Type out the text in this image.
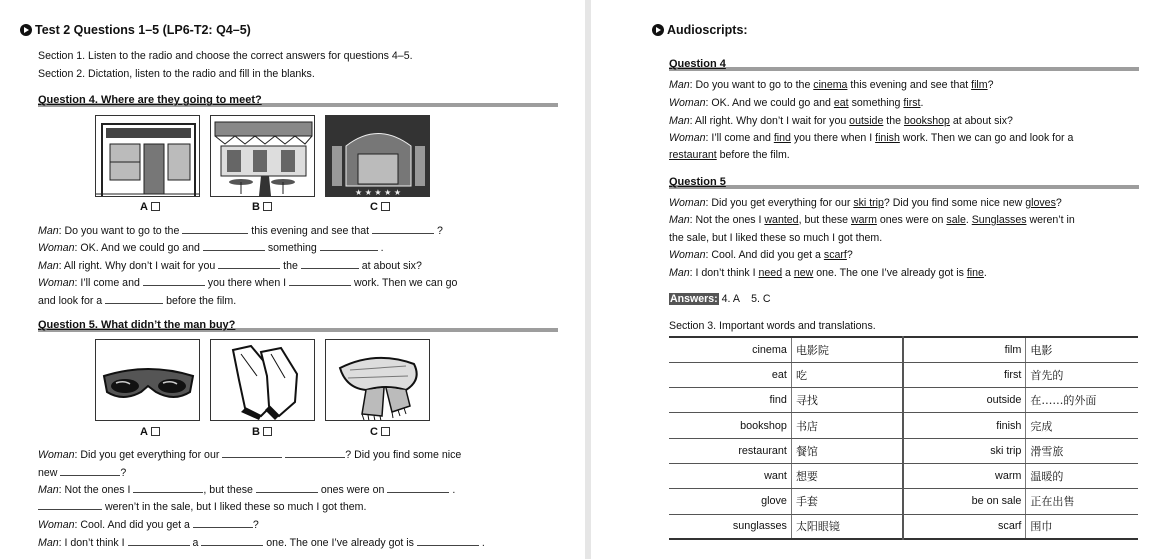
Test 2 Questions 1–5 (LP6-T2: Q4–5)
Section 1. Listen to the radio and choose the correct answers for questions 4–5.
Section 2. Dictation, listen to the radio and fill in the blanks.
Question 4. Where are they going to meet?
★ ★ ★ ★ ★
A	B	C
Man: Do you want to go to the	this evening and see that	?
Woman: OK. And we could go and	something	.
Man: All right. Why don’t I wait for you	the	at about six?
Woman: I’ll come and	you there when I	work. Then we can go
and look for a	before the film.
Question 5. What didn’t the man buy?
A	B	C
Woman: Did you get everything for our	? Did you find some nice
new	?
Man: Not the ones I	, but these	ones were on	.
weren’t in the sale, but I liked these so much I got them.
Woman: Cool. And did you get a	?
Man: I don’t think I	a	one. The one I’ve already got is	.
Audioscripts:
Question 4
Man: Do you want to go to the cinema this evening and see that film?
Woman: OK. And we could go and eat something first.
Man: All right. Why don’t I wait for you outside the bookshop at about six?
Woman: I’ll come and find you there when I finish work. Then we can go and look for a
restaurant before the film.
Question 5
Woman: Did you get everything for our ski trip? Did you find some nice new gloves?
Man: Not the ones I wanted, but these warm ones were on sale. Sunglasses weren’t in
the sale, but I liked these so much I got them.
Woman: Cool. And did you get a scarf?
Man: I don’t think I need a new one. The one I’ve already got is fine.
Answers: 4. A    5. C
Section 3. Important words and translations.
cinema	电影院	film	电影
eat	吃	first	首先的
find	寻找	outside	在……的外面
bookshop	书店	finish	完成
restaurant	餐馆	ski trip	滑雪旅
want	想要	warm	温暖的
glove	手套	be on sale	正在出售
sunglasses	太阳眼镜	scarf	围巾
